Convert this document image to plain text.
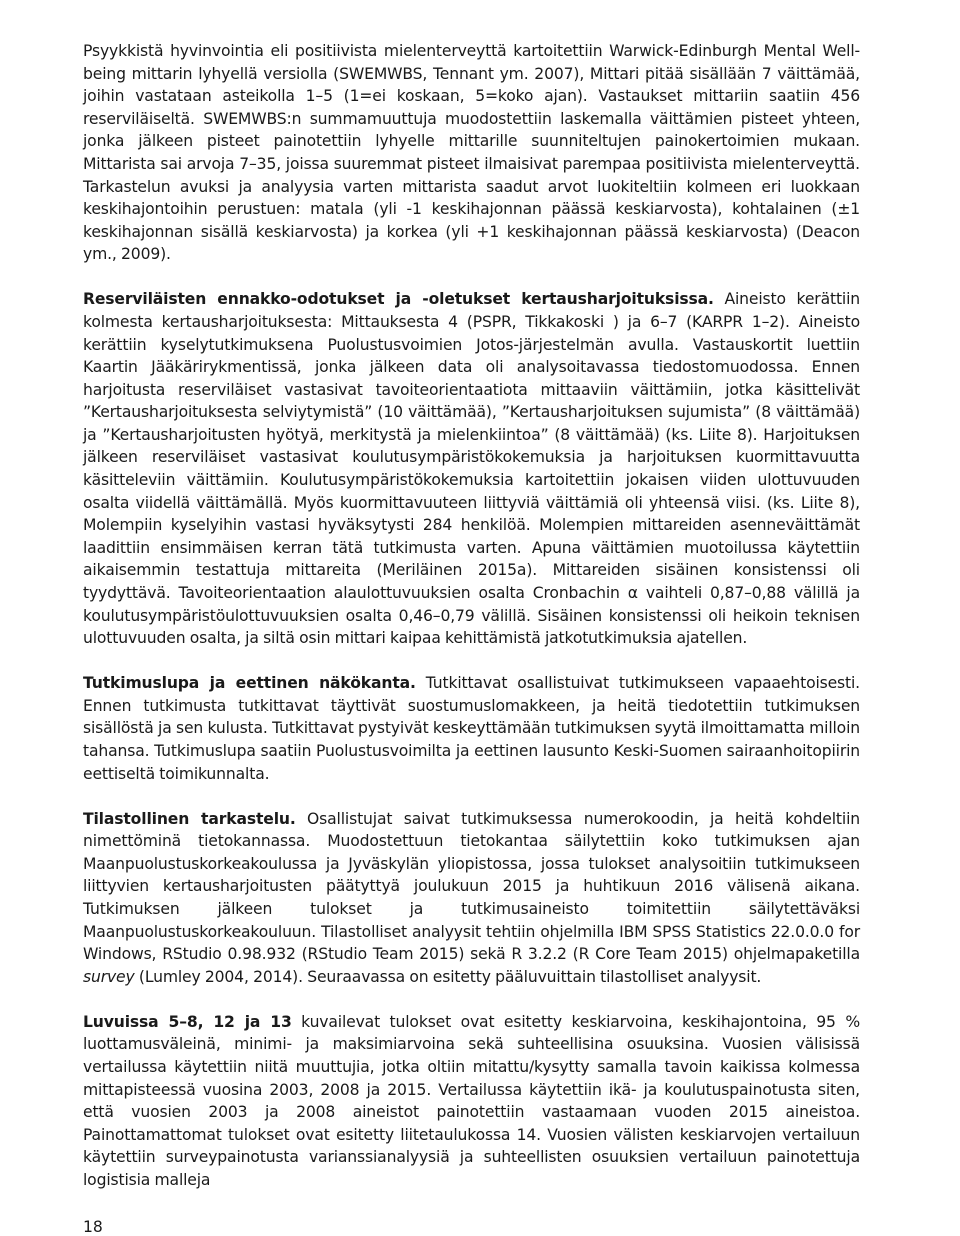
Psyykkistä hyvinvointia eli positiivista mielenterveyttä kartoitettiin Warwick-Edinburgh Mental Well-being mittarin lyhyellä versiolla (SWEMWBS, Tennant ym. 2007), Mittari pitää sisällään 7 väittämää, joihin vastataan asteikolla 1–5 (1=ei koskaan, 5=koko ajan). Vastaukset mittariin saatiin 456 reserviläiseltä. SWEMWBS:n summamuuttuja muodostettiin laskemalla väittämien pisteet yhteen, jonka jälkeen pisteet painotettiin lyhyelle mittarille suunniteltujen painokertoimien mukaan. Mittarista sai arvoja 7–35, joissa suuremmat pisteet ilmaisivat parempaa positiivista mielenterveyttä. Tarkastelun avuksi ja analyysia varten mittarista saadut arvot luokiteltiin kolmeen eri luokkaan keskihajontoihin perustuen: matala (yli -1 keskihajonnan päässä keskiarvosta), kohtalainen (±1 keskihajonnan sisällä keskiarvosta) ja korkea (yli +1 keskihajonnan päässä keskiarvosta) (Deacon ym., 2009).

Reserviläisten ennakko-odotukset ja -oletukset kertausharjoituksissa. Aineisto kerättiin kolmesta kertausharjoituksesta: Mittauksesta 4 (PSPR, Tikkakoski ) ja 6–7 (KARPR 1–2). Aineisto kerättiin kyselytutkimuksena Puolustusvoimien Jotos-järjestelmän avulla. Vastauskortit luettiin Kaartin Jääkärirykmentissä, jonka jälkeen data oli analysoitavassa tiedostomuodossa. Ennen harjoitusta reserviläiset vastasivat tavoiteorientaatiota mittaaviin väittämiin, jotka käsittelivät ”Kertausharjoituksesta selviytymistä” (10 väittämää), ”Kertausharjoituksen sujumista” (8 väittämää) ja ”Kertausharjoitusten hyötyä, merkitystä ja mielenkiintoa” (8 väittämää) (ks. Liite 8). Harjoituksen jälkeen reserviläiset vastasivat koulutusympäristökokemuksia ja harjoituksen kuormittavuutta käsitteleviin väittämiin. Koulutusympäristökokemuksia kartoitettiin jokaisen viiden ulottuvuuden osalta viidellä väittämällä. Myös kuormittavuuteen liittyviä väittämiä oli yhteensä viisi. (ks. Liite 8), Molempiin kyselyihin vastasi hyväksytysti 284 henkilöä. Molempien mittareiden asenneväittämät laadittiin ensimmäisen kerran tätä tutkimusta varten. Apuna väittämien muotoilussa käytettiin aikaisemmin testattuja mittareita (Meriläinen 2015a). Mittareiden sisäinen konsistenssi oli tyydyttävä. Tavoiteorientaation alaulottuvuuksien osalta Cronbachin α vaihteli 0,87–0,88 välillä ja koulutusympäristöulottuvuuksien osalta 0,46–0,79 välillä. Sisäinen konsistenssi oli heikoin teknisen ulottuvuuden osalta, ja siltä osin mittari kaipaa kehittämistä jatkotutkimuksia ajatellen.

Tutkimuslupa ja eettinen näkökanta. Tutkittavat osallistuivat tutkimukseen vapaaehtoisesti. Ennen tutkimusta tutkittavat täyttivät suostumuslomakkeen, ja heitä tiedotettiin tutkimuksen sisällöstä ja sen kulusta. Tutkittavat pystyivät keskeyttämään tutkimuksen syytä ilmoittamatta milloin tahansa. Tutkimuslupa saatiin Puolustusvoimilta ja eettinen lausunto Keski-Suomen sairaanhoitopiirin eettiseltä toimikunnalta.

Tilastollinen tarkastelu. Osallistujat saivat tutkimuksessa numerokoodin, ja heitä kohdeltiin nimettöminä tietokannassa. Muodostettuun tietokantaa säilytettiin koko tutkimuksen ajan Maanpuolustuskorkeakoulussa ja Jyväskylän yliopistossa, jossa tulokset analysoitiin tutkimukseen liittyvien kertausharjoitusten päätyttyä joulukuun 2015 ja huhtikuun 2016 välisenä aikana. Tutkimuksen jälkeen tulokset ja tutkimusaineisto toimitettiin säilytettäväksi Maanpuolustuskorkeakouluun. Tilastolliset analyysit tehtiin ohjelmilla IBM SPSS Statistics 22.0.0.0 for Windows, RStudio 0.98.932 (RStudio Team 2015) sekä R 3.2.2 (R Core Team 2015) ohjelmapaketilla survey (Lumley 2004, 2014). Seuraavassa on esitetty pääluvuittain tilastolliset analyysit.

Luvuissa 5–8, 12 ja 13 kuvailevat tulokset ovat esitetty keskiarvoina, keskihajontoina, 95 % luottamusväleinä, minimi- ja maksimiarvoina sekä suhteellisina osuuksina. Vuosien välisissä vertailussa käytettiin niitä muuttujia, jotka oltiin mitattu/kysytty samalla tavoin kaikissa kolmessa mittapisteessä vuosina 2003, 2008 ja 2015. Vertailussa käytettiin ikä- ja koulutuspainotusta siten, että vuosien 2003 ja 2008 aineistot painotettiin vastaamaan vuoden 2015 aineistoa. Painottamattomat tulokset ovat esitetty liitetaulukossa 14. Vuosien välisten keskiarvojen vertailuun käytettiin surveypainotusta varianssianalyysiä ja suhteellisten osuuksien vertailuun painotettuja logistisia malleja

18
